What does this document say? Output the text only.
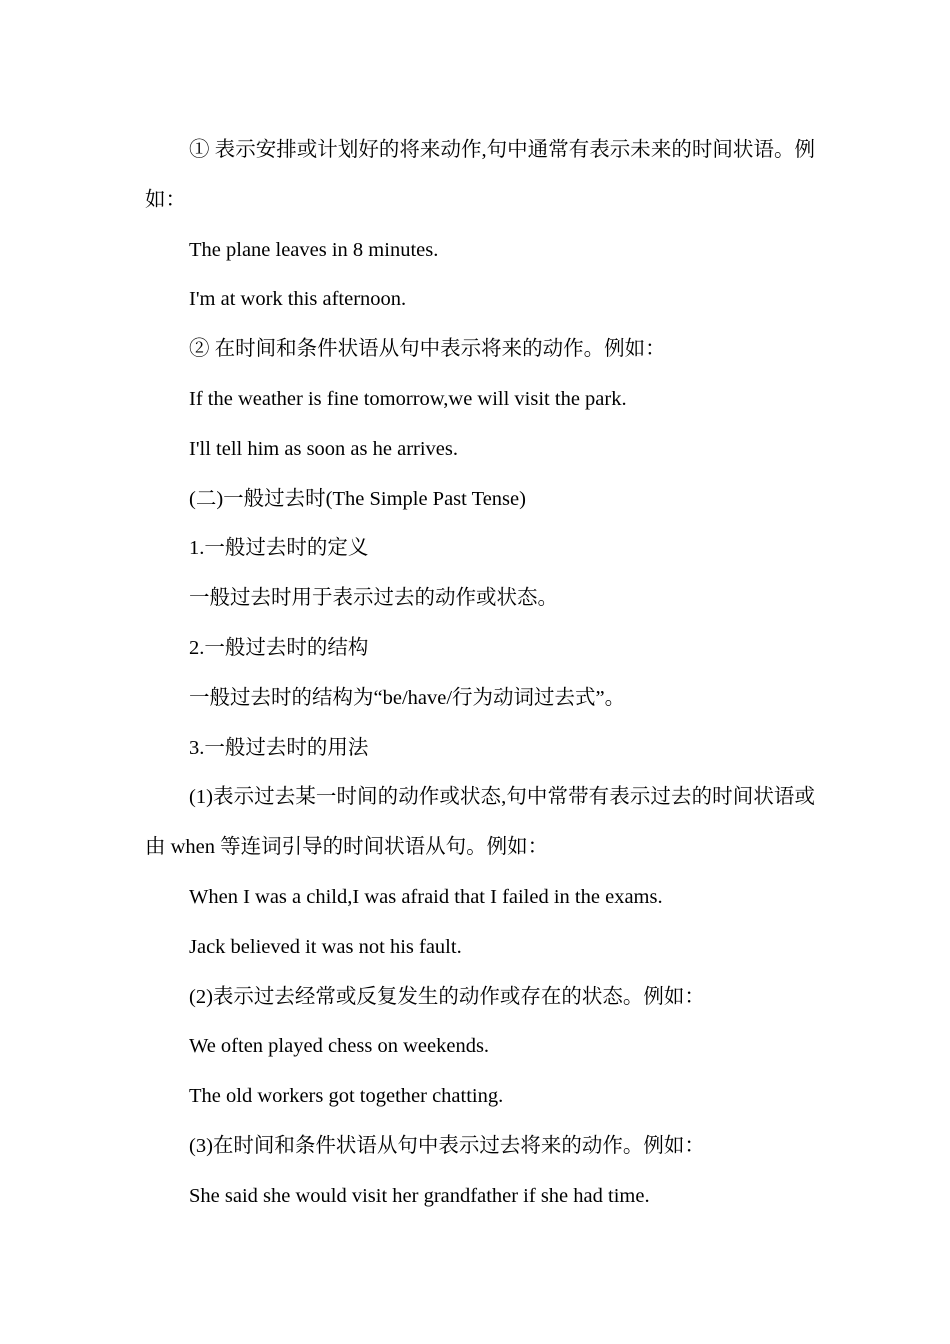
① 表示安排或计划好的将来动作,句中通常有表示未来的时间状语。例如：
The plane leaves in 8 minutes.
I'm at work this afternoon.
② 在时间和条件状语从句中表示将来的动作。例如：
If the weather is fine tomorrow,we will visit the park.
I'll tell him as soon as he arrives.
(二)一般过去时(The Simple Past Tense)
1.一般过去时的定义
一般过去时用于表示过去的动作或状态。
2.一般过去时的结构
一般过去时的结构为“be/have/行为动词过去式”。
3.一般过去时的用法
(1)表示过去某一时间的动作或状态,句中常带有表示过去的时间状语或由 when 等连词引导的时间状语从句。例如：
When I was a child,I was afraid that I failed in the exams.
Jack believed it was not his fault.
(2)表示过去经常或反复发生的动作或存在的状态。例如：
We often played chess on weekends.
The old workers got together chatting.
(3)在时间和条件状语从句中表示过去将来的动作。例如：
She said she would visit her grandfather if she had time.
